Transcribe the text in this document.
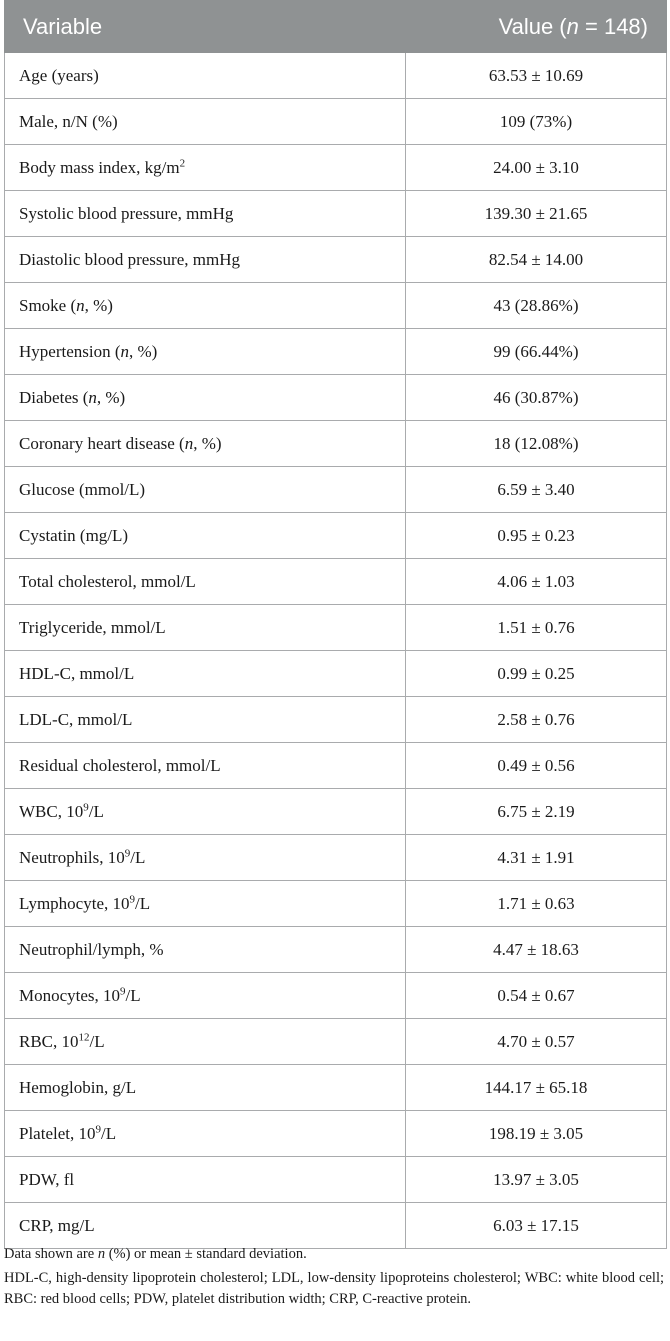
Variable	Value (n = 148)
Age (years)	63.53 ± 10.69
Male, n/N (%)	109 (73%)
Body mass index, $kg/m^2$	24.00 ± 3.10
Systolic blood pressure, mmHg	139.30 ± 21.65
Diastolic blood pressure, mmHg	82.54 ± 14.00
Smoke (n, %)	43 (28.86%)
Hypertension (n, %)	99 (66.44%)
Diabetes (n, %)	46 (30.87%)
Coronary heart disease (n, %)	18 (12.08%)
Glucose (mmol/L)	6.59 ± 3.40
Cystatin (mg/L)	0.95 ± 0.23
Total cholesterol, mmol/L	4.06 ± 1.03
Triglyceride, mmol/L	1.51 ± 0.76
HDL-C, mmol/L	0.99 ± 0.25
LDL-C, mmol/L	2.58 ± 0.76
Residual cholesterol, mmol/L	0.49 ± 0.56
WBC, $10^9/L$	6.75 ± 2.19
Neutrophils, $10^9/L$	4.31 ± 1.91
Lymphocyte, $10^9/L$	1.71 ± 0.63
Neutrophil/lymph, %	4.47 ± 18.63
Monocytes, $10^9/L$	0.54 ± 0.67
RBC, $10^{12}/L$	4.70 ± 0.57
Hemoglobin, g/L	144.17 ± 65.18
Platelet, $10^9/L$	198.19 ± 3.05
PDW, fl	13.97 ± 3.05
CRP, mg/L	6.03 ± 17.15
Data shown are n (%) or mean ± standard deviation.
HDL-C, high-density lipoprotein cholesterol; LDL, low-density lipoproteins cholesterol; WBC: white blood cell; RBC: red blood cells; PDW, platelet distribution width; CRP, C-reactive protein.
